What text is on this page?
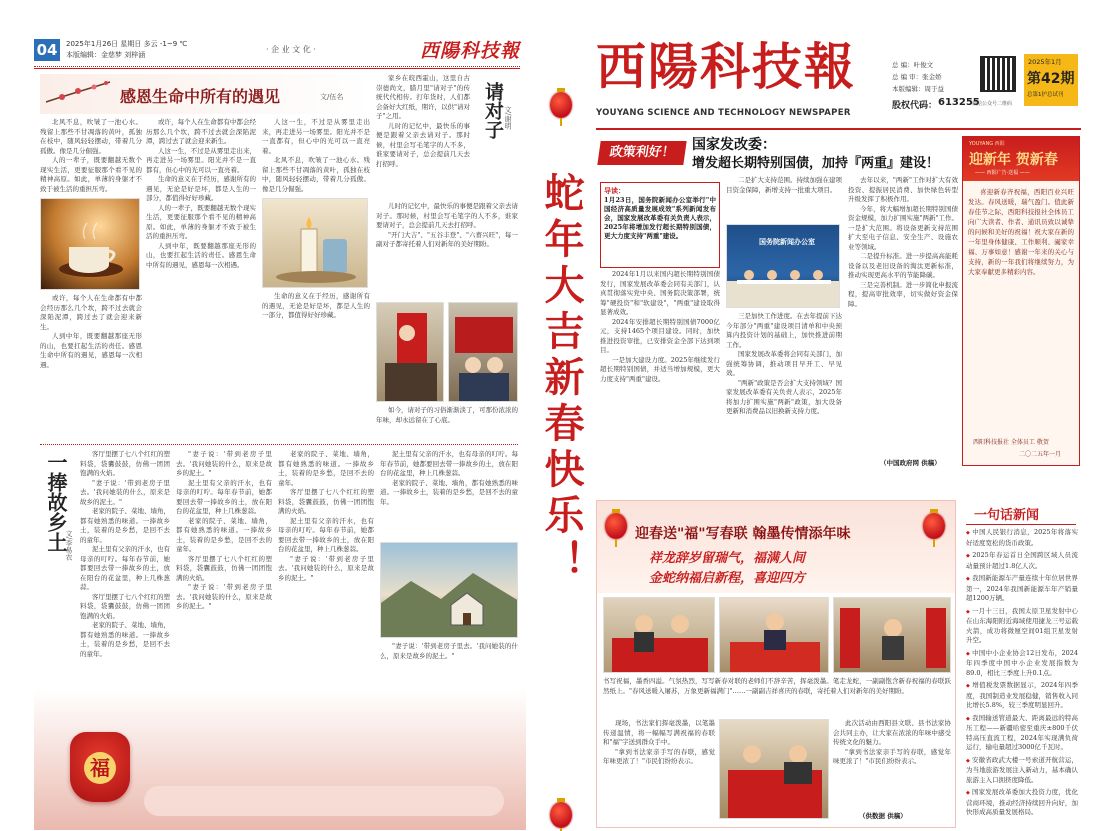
04	2025年1月26日 星期日 多云 -1~9 ℃
本版编辑：金慈梦 刘梓涵
· 企 业 文 化 ·	西陽科技報
感恩生命中所有的遇见	文/伍名

北风不息，吹皱了一池心水。残留上那些不甘凋落的黄叶，孤独在枝中，随风轻轻摆动，带着几分孤傲。像是几分倔强。

人的一辈子，既要翻越无数个现实生活，更要征服那个看不见的精神高原。如此，单薄的身躯才不致于被生活的重担压弯。

或许，每个人在生命都有中都会经历那么几个坎，跨不过去就会深陷泥潭，跨过去了就会迎来新生。

人到中年，既要翻越那座无形的山，也要扛起生活的责任。感恩生命中所有的遇见，感恩每一次相遇。

或许，每个人在生命都有中都会经历那么几个坎，跨不过去就会深陷泥潭，跨过去了就会迎来新生。

人这一生，不过是从雾里走出来，再走进另一场雾里。阳光并不是一直都有，但心中的光可以一直亮着。

生命的意义在于经历，感谢所有的遇见，无论是好是坏，都是人生的一部分，都值得好好珍藏。

人的一辈子，既要翻越无数个现实生活，更要征服那个看不见的精神高原。如此，单薄的身躯才不致于被生活的重担压弯。

人到中年，既要翻越那座无形的山，也要扛起生活的责任。感恩生命中所有的遇见，感恩每一次相遇。

人这一生，不过是从雾里走出来，再走进另一场雾里。阳光并不是一直都有，但心中的光可以一直亮着。

北风不息，吹皱了一池心水。残留上那些不甘凋落的黄叶，孤独在枝中，随风轻轻摆动，带着几分孤傲。像是几分倔强。

生命的意义在于经历，感谢所有的遇见，无论是好是坏，都是人生的一部分，都值得好好珍藏。

请对子 文/谢明

家乡在皖西霍山，这里自古崇德尚文，腊月里"请对子"的传统代代相传。打年货时，人们都会备好大红纸，期许，以供"请对子"之用。

儿时的记忆中，最快乐的事便是跟着父亲去请对子。那时候，村里会写毛笔字的人不多，谁家要请对子，总会提前几天去打招呼。

儿时的记忆中，最快乐的事便是跟着父亲去请对子。那时候，村里会写毛笔字的人不多，谁家要请对子，总会提前几天去打招呼。

"开门大吉"、"五谷丰登"、"六畜兴旺"，每一副对子都寄托着人们对新年的美好期盼。

如今，请对子的习俗渐渐淡了，可那份浓浓的年味，却永远留在了心底。

一捧故乡土
文/李易农

客厅里摆了七八个红红的塑料袋，袋囊鼓鼓，仿佛一团团饱满的火焰。

"妻子说：'带到老房子里去。'我问她装的什么，原来是故乡的泥土。"

老家的院子、菜地、墙角，都有她熟悉的味道。一捧故乡土，装着的是乡愁，是回不去的童年。

泥土里有父亲的汗水，也有母亲的叮咛。每年春节前，她都要回去带一捧故乡的土，放在阳台的花盆里，种上几株葱蒜。

客厅里摆了七八个红红的塑料袋，袋囊鼓鼓，仿佛一团团饱满的火焰。

老家的院子、菜地、墙角，都有她熟悉的味道。一捧故乡土，装着的是乡愁，是回不去的童年。

"妻子说：'带到老房子里去。'我问她装的什么，原来是故乡的泥土。"

泥土里有父亲的汗水，也有母亲的叮咛。每年春节前，她都要回去带一捧故乡的土，放在阳台的花盆里，种上几株葱蒜。

老家的院子、菜地、墙角，都有她熟悉的味道。一捧故乡土，装着的是乡愁，是回不去的童年。

客厅里摆了七八个红红的塑料袋，袋囊鼓鼓，仿佛一团团饱满的火焰。

"妻子说：'带到老房子里去。'我问她装的什么，原来是故乡的泥土。"

老家的院子、菜地、墙角，都有她熟悉的味道。一捧故乡土，装着的是乡愁，是回不去的童年。

客厅里摆了七八个红红的塑料袋，袋囊鼓鼓，仿佛一团团饱满的火焰。

泥土里有父亲的汗水，也有母亲的叮咛。每年春节前，她都要回去带一捧故乡的土，放在阳台的花盆里，种上几株葱蒜。

"妻子说：'带到老房子里去。'我问她装的什么，原来是故乡的泥土。"

泥土里有父亲的汗水，也有母亲的叮咛。每年春节前，她都要回去带一捧故乡的土，放在阳台的花盆里，种上几株葱蒜。

老家的院子、菜地、墙角，都有她熟悉的味道。一捧故乡土，装着的是乡愁，是回不去的童年。

"妻子说：'带到老房子里去。'我问她装的什么，原来是故乡的泥土。"

福
蛇年大吉新春快乐！
西陽科技報
YOUYANG SCIENCE AND TECHNOLOGY NEWSPAPER
总 编：叶俊文
总 编 审：张金娇
本版编辑：周于益
股权代码： 613255
微信公众号二维码
2025年1月
第42期
总第1护总试刊
政策利好！	国家发改委：
增发超长期特别国债，加持『两重』建设！
导读：
1月23日，国务院新闻办公室举行"中国经济高质量发展成效"系列新闻发布会，国家发展改革委有关负责人表示，2025年将增加发行超长期特别国债，更大力度支持"两重"建设。

2024年1月以来国内超长期特别国债发行，国家发展改革委会同有关部门，认真贯彻落实党中央、国务院决策部署，统筹"硬投资"和"软建设"，"两重"建设取得显著成效。

2024年安排超长期特别国债7000亿元，支持1465个项目建设。同时，加快推进投资审批，已安排资金全部下达到项目。

一是加大建设力度。2025年继续发行超长期特别国债，并适当增加规模，更大力度支持"两重"建设。

二是扩大支持范围。持续加强在建项目资金保障，新增支持一批重大项目。

国务院新闻办公室

三是加快工作进度。在去年提前下达今年部分"两重"建设项目清单和中央预算内投资计划的基础上，加快推进前期工作。

国家发展改革委将会同有关部门，加强统筹协调，推动项目早开工、早见效。

"两新"政策是否会扩大支持领域？国家发展改革委有关负责人表示，2025年将加力扩围实施"两新"政策，加大设备更新和消费品以旧换新支持力度。

去年以来，"两新"工作对扩大有效投资、提振居民消费、加快绿色转型升级发挥了积极作用。

今年，将大幅增加超长期特别国债资金规模，加力扩围实施"两新"工作。一是扩大范围。将设备更新支持范围扩大至电子信息、安全生产、设施农业等领域。

二是提升标准。进一步提高高能耗设备以及老旧设备的淘汰更新标准，推动实现更高水平的节能降碳。

三是完善机制。进一步简化申报流程，提高审批效率，切实做好资金保障。

（中国政府网 供稿）
YOUYANG 西阳
迎新年 贺新春
—— 西阳广告·送福 ——
喜迎新春齐祝福，西阳百业兴旺发达。春风送暖，瑞气盈门。值此新春佳节之际，西阳科技报社全体员工向广大读者、作者、通讯员致以诚挚的问候和美好的祝福！祝大家在新的一年里身体健康、工作顺利、阖家幸福、万事如意！感谢一年来的关心与支持，新的一年我们将继续努力，为大家奉献更多精彩内容。
西阳科技报社 全体员工 敬贺
二〇二五年一月
迎春送"福"写春联 翰墨传情添年味
祥龙辞岁留瑞气，福满人间
金蛇纳福启新程，喜迎四方
书写祝福，墨香四溢。气氛热烈，写写新春对联的老师们不辞辛苦，挥毫泼墨。笔走龙蛇，一副副饱含新春祝福的春联跃然纸上。"春风送暖入屠苏，万象更新福满门"……一副副吉祥喜庆的春联，寄托着人们对新年的美好期盼。

现场，书法家们挥毫泼墨，以笔墨传递温情，将一幅幅写满祝福的春联和"福"字送到群众手中。

"拿到书法家亲手写的春联，感觉年味更浓了！"市民们纷纷表示。

此次活动由西阳县文联、县书法家协会共同主办，让大家在浓浓的年味中感受传统文化的魅力。

"拿到书法家亲手写的春联，感觉年味更浓了！"市民们纷纷表示。

（供数据 供稿）
一句话新闻
◆ 中国人民银行消息，2025年将落实好适度宽松的货币政策。
◆ 2025年春运首日全国跨区域人员流动量预计超过1.8亿人次。
◆ 我国新能源车产量连续十年位居世界第一，2024年我国新能源车年产销量超1200万辆。
◆ 一月十三日，我国太原卫星发射中心在山东海阳附近海域使用捷龙三号运载火箭，成功将微厘空间01组卫星发射升空。
◆ 中国中小企业协会12日发布，2024年四季度中国中小企业发展指数为89.0，相比三季度上升0.1点。
◆ 增值税发票数据显示，2024年四季度，我国制造业发展稳健，销售收入同比增长5.8%，较三季度明显回升。
◆ 我国输送管道最大、距离最远的特高压工程——新疆哈密至重庆±800千伏特高压直流工程，2024年实现满负荷运行，输电量超过3000亿千瓦时。
◆ 安徽省政武大楼一号索道开航营运，为当地旅游发展注入新动力，基本确认旅游主入口拥挤度降低。
◆ 国家发展改革委加大投资力度，优化营商环境，推动经济持续回升向好，加快形成高质量发展格局。
